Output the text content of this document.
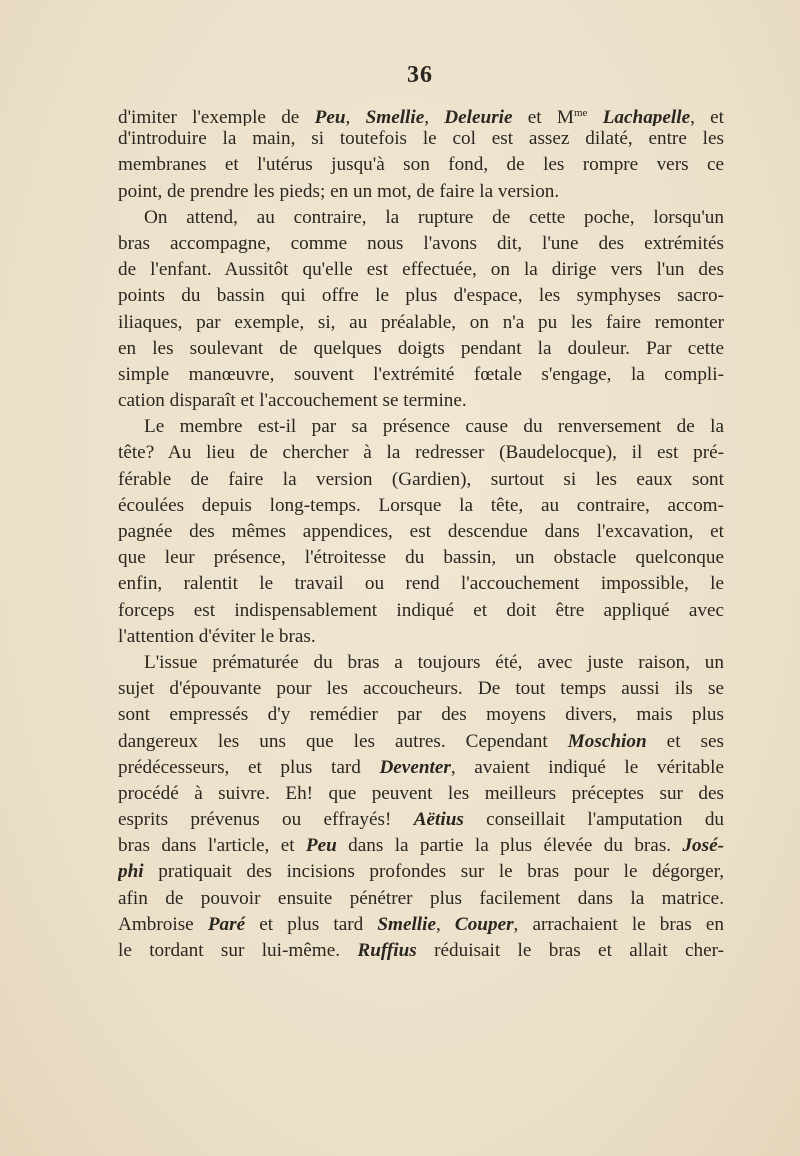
36
d'imiter l'exemple de Peu, Smellie, Deleurie et $M^{me}$ Lachapelle, et
d'introduire la main, si toutefois le col est assez dilaté, entre les
membranes et l'utérus jusqu'à son fond, de les rompre vers ce
point, de prendre les pieds; en un mot, de faire la version.
On attend, au contraire, la rupture de cette poche, lorsqu'un
bras accompagne, comme nous l'avons dit, l'une des extrémités
de l'enfant. Aussitôt qu'elle est effectuée, on la dirige vers l'un des
points du bassin qui offre le plus d'espace, les symphyses sacro-
iliaques, par exemple, si, au préalable, on n'a pu les faire remonter
en les soulevant de quelques doigts pendant la douleur. Par cette
simple manœuvre, souvent l'extrémité fœtale s'engage, la compli-
cation disparaît et l'accouchement se termine.
Le membre est-il par sa présence cause du renversement de la
tête? Au lieu de chercher à la redresser (Baudelocque), il est pré-
férable de faire la version (Gardien), surtout si les eaux sont
écoulées depuis long-temps. Lorsque la tête, au contraire, accom-
pagnée des mêmes appendices, est descendue dans l'excavation, et
que leur présence, l'étroitesse du bassin, un obstacle quelconque
enfin, ralentit le travail ou rend l'accouchement impossible, le
forceps est indispensablement indiqué et doit être appliqué avec
l'attention d'éviter le bras.
L'issue prématurée du bras a toujours été, avec juste raison, un
sujet d'épouvante pour les accoucheurs. De tout temps aussi ils se
sont empressés d'y remédier par des moyens divers, mais plus
dangereux les uns que les autres. Cependant Moschion et ses
prédécesseurs, et plus tard Deventer, avaient indiqué le véritable
procédé à suivre. Eh! que peuvent les meilleurs préceptes sur des
esprits prévenus ou effrayés! Aëtius conseillait l'amputation du
bras dans l'article, et Peu dans la partie la plus élevée du bras. José-
phi pratiquait des incisions profondes sur le bras pour le dégorger,
afin de pouvoir ensuite pénétrer plus facilement dans la matrice.
Ambroise Paré et plus tard Smellie, Couper, arrachaient le bras en
le tordant sur lui-même. Ruffius réduisait le bras et allait cher-
